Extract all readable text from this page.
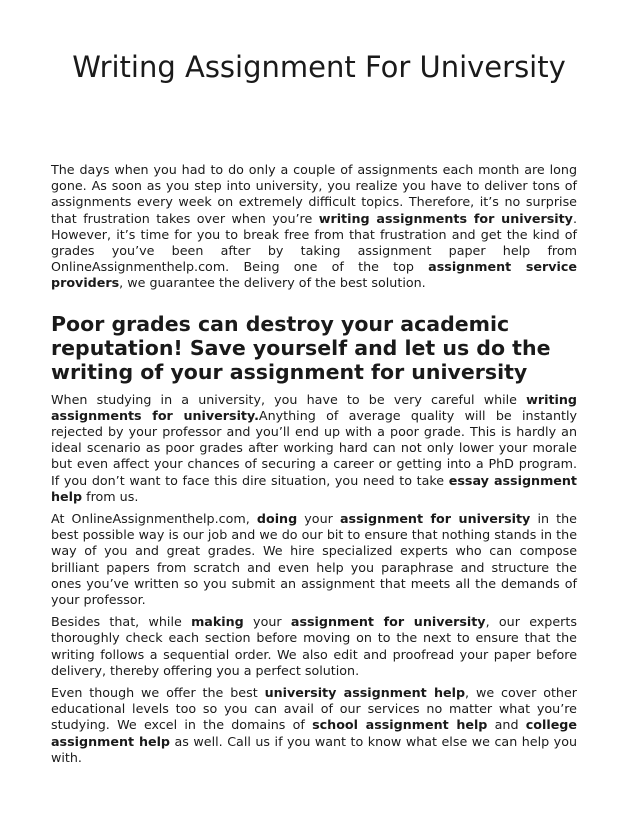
Writing Assignment For University

The days when you had to do only a couple of assignments each month are long gone. As soon as you step into university, you realize you have to deliver tons of assignments every week on extremely difficult topics. Therefore, it’s no surprise that frustration takes over when you’re writing assignments for university. However, it’s time for you to break free from that frustration and get the kind of grades you’ve been after by taking assignment paper help from OnlineAssignmenthelp.com. Being one of the top assignment service providers, we guarantee the delivery of the best solution.

Poor grades can destroy your academic reputation! Save yourself and let us do the writing of your assignment for university

When studying in a university, you have to be very careful while writing assignments for university.Anything of average quality will be instantly rejected by your professor and you’ll end up with a poor grade. This is hardly an ideal scenario as poor grades after working hard can not only lower your morale but even affect your chances of securing a career or getting into a PhD program. If you don’t want to face this dire situation, you need to take essay assignment help from us.

At OnlineAssignmenthelp.com, doing your assignment for university in the best possible way is our job and we do our bit to ensure that nothing stands in the way of you and great grades. We hire specialized experts who can compose brilliant papers from scratch and even help you paraphrase and structure the ones you’ve written so you submit an assignment that meets all the demands of your professor.

Besides that, while making your assignment for university, our experts thoroughly check each section before moving on to the next to ensure that the writing follows a sequential order. We also edit and proofread your paper before delivery, thereby offering you a perfect solution.

Even though we offer the best university assignment help, we cover other educational levels too so you can avail of our services no matter what you’re studying. We excel in the domains of school assignment help and college assignment help as well. Call us if you want to know what else we can help you with.
